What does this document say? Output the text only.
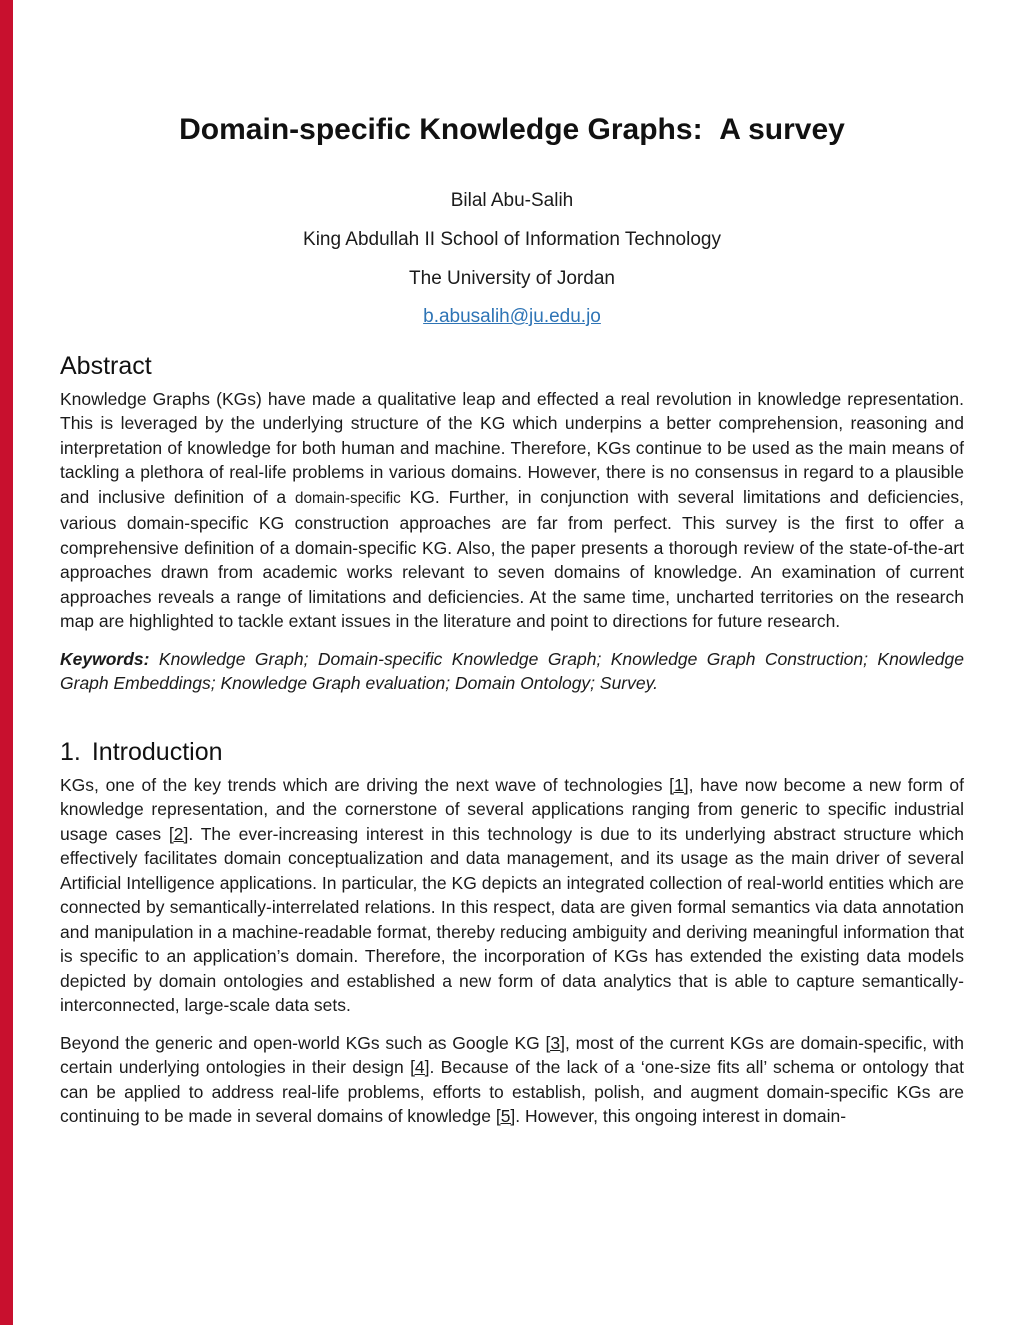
Domain-specific Knowledge Graphs:  A survey
Bilal Abu-Salih
King Abdullah II School of Information Technology
The University of Jordan
b.abusalih@ju.edu.jo
Abstract
Knowledge Graphs (KGs) have made a qualitative leap and effected a real revolution in knowledge representation. This is leveraged by the underlying structure of the KG which underpins a better comprehension, reasoning and interpretation of knowledge for both human and machine. Therefore, KGs continue to be used as the main means of tackling a plethora of real-life problems in various domains. However, there is no consensus in regard to a plausible and inclusive definition of a domain-specific KG. Further, in conjunction with several limitations and deficiencies, various domain-specific KG construction approaches are far from perfect. This survey is the first to offer a comprehensive definition of a domain-specific KG. Also, the paper presents a thorough review of the state-of-the-art approaches drawn from academic works relevant to seven domains of knowledge. An examination of current approaches reveals a range of limitations and deficiencies. At the same time, uncharted territories on the research map are highlighted to tackle extant issues in the literature and point to directions for future research.
Keywords: Knowledge Graph; Domain-specific Knowledge Graph; Knowledge Graph Construction; Knowledge Graph Embeddings; Knowledge Graph evaluation; Domain Ontology; Survey.
1. Introduction
KGs, one of the key trends which are driving the next wave of technologies [1], have now become a new form of knowledge representation, and the cornerstone of several applications ranging from generic to specific industrial usage cases [2]. The ever-increasing interest in this technology is due to its underlying abstract structure which effectively facilitates domain conceptualization and data management, and its usage as the main driver of several Artificial Intelligence applications. In particular, the KG depicts an integrated collection of real-world entities which are connected by semantically-interrelated relations. In this respect, data are given formal semantics via data annotation and manipulation in a machine-readable format, thereby reducing ambiguity and deriving meaningful information that is specific to an application’s domain. Therefore, the incorporation of KGs has extended the existing data models depicted by domain ontologies and established a new form of data analytics that is able to capture semantically-interconnected, large-scale data sets.
Beyond the generic and open-world KGs such as Google KG [3], most of the current KGs are domain-specific, with certain underlying ontologies in their design [4]. Because of the lack of a ‘one-size fits all’ schema or ontology that can be applied to address real-life problems, efforts to establish, polish, and augment domain-specific KGs are continuing to be made in several domains of knowledge [5]. However, this ongoing interest in domain-
